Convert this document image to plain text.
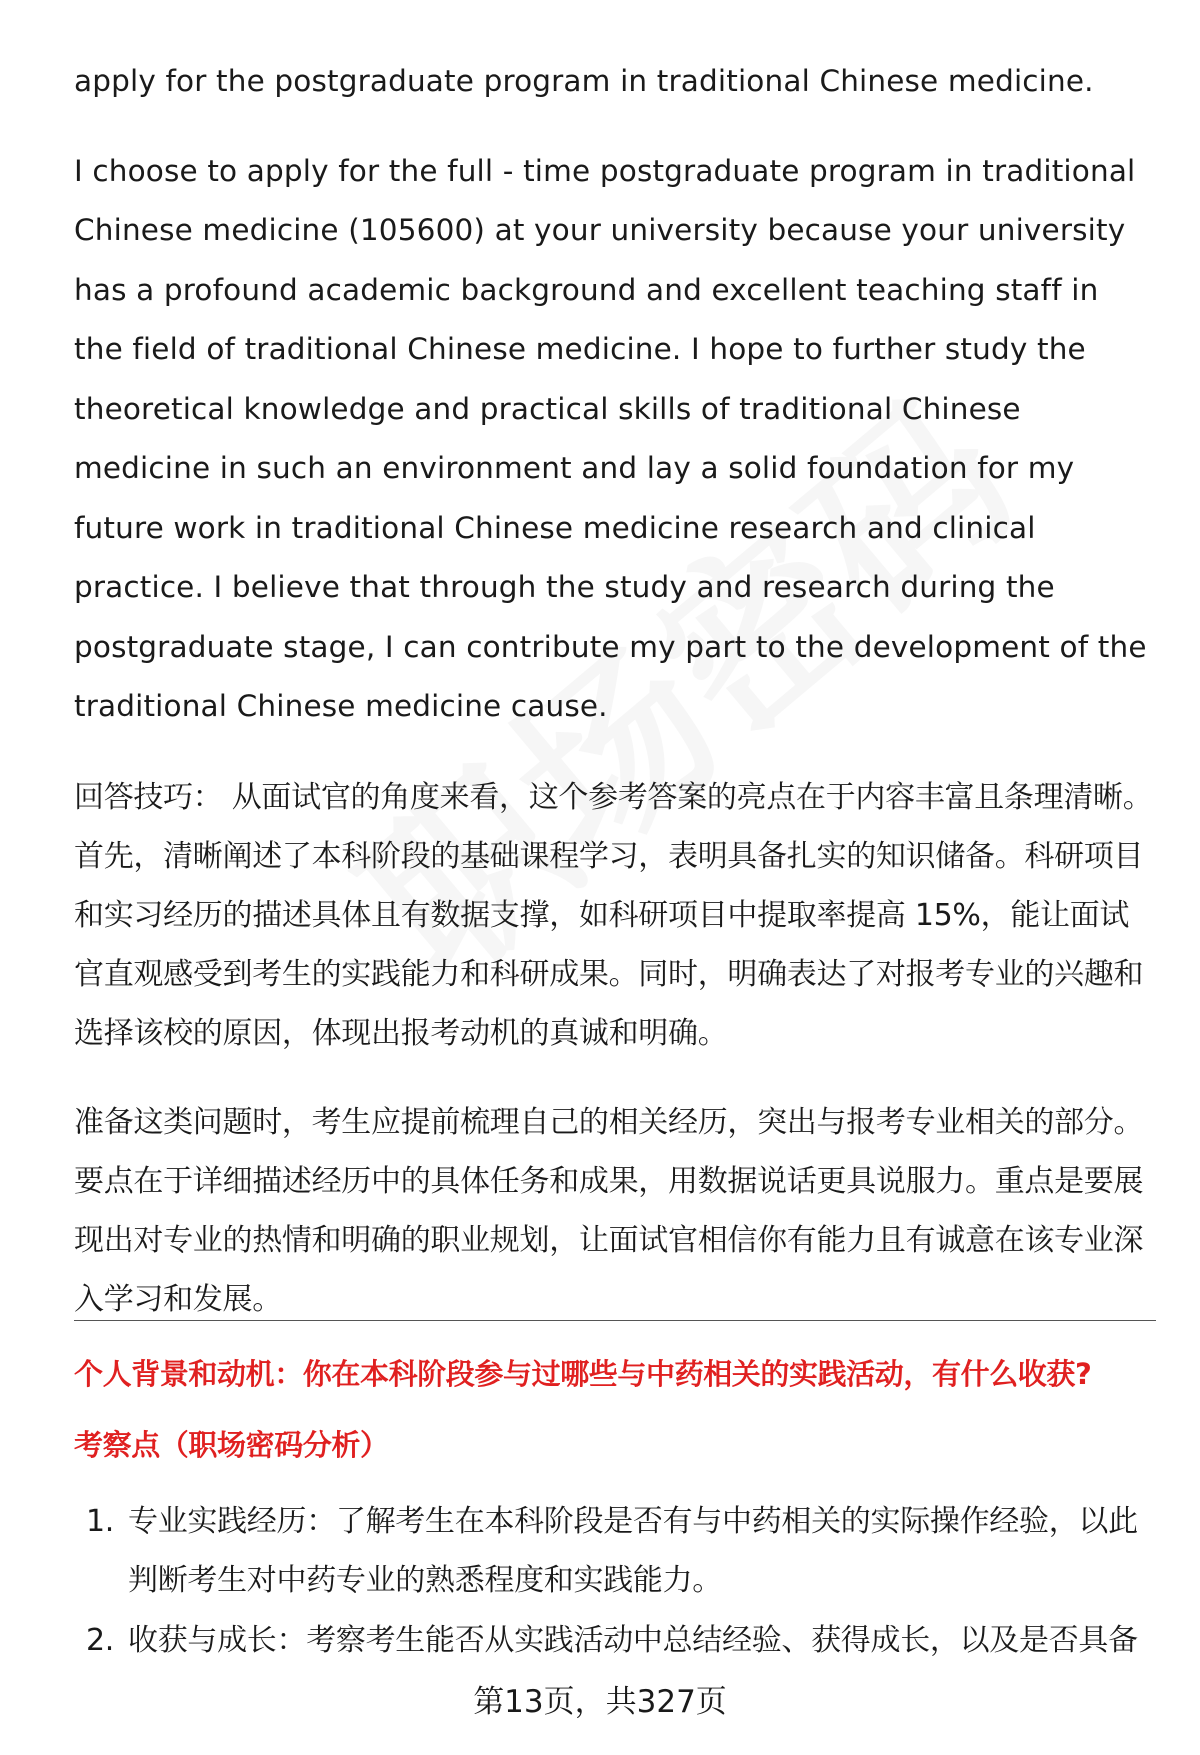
apply for the postgraduate program in traditional Chinese medicine.

I choose to apply for the full - time postgraduate program in traditional Chinese medicine (105600) at your university because your university has a profound academic background and excellent teaching staff in the field of traditional Chinese medicine. I hope to further study the theoretical knowledge and practical skills of traditional Chinese medicine in such an environment and lay a solid foundation for my future work in traditional Chinese medicine research and clinical practice. I believe that through the study and research during the postgraduate stage, I can contribute my part to the development of the traditional Chinese medicine cause.

回答技巧： 从面试官的角度来看，这个参考答案的亮点在于内容丰富且条理清晰。首先，清晰阐述了本科阶段的基础课程学习，表明具备扎实的知识储备。科研项目和实习经历的描述具体且有数据支撑，如科研项目中提取率提高 15%，能让面试官直观感受到考生的实践能力和科研成果。同时，明确表达了对报考专业的兴趣和选择该校的原因，体现出报考动机的真诚和明确。

准备这类问题时，考生应提前梳理自己的相关经历，突出与报考专业相关的部分。要点在于详细描述经历中的具体任务和成果，用数据说话更具说服力。重点是要展现出对专业的热情和明确的职业规划，让面试官相信你有能力且有诚意在该专业深入学习和发展。

个人背景和动机：你在本科阶段参与过哪些与中药相关的实践活动，有什么收获?

考察点（职场密码分析）

1. 专业实践经历：了解考生在本科阶段是否有与中药相关的实际操作经验，以此判断考生对中药专业的熟悉程度和实践能力。
2. 收获与成长：考察考生能否从实践活动中总结经验、获得成长，以及是否具备
第13页，共327页
